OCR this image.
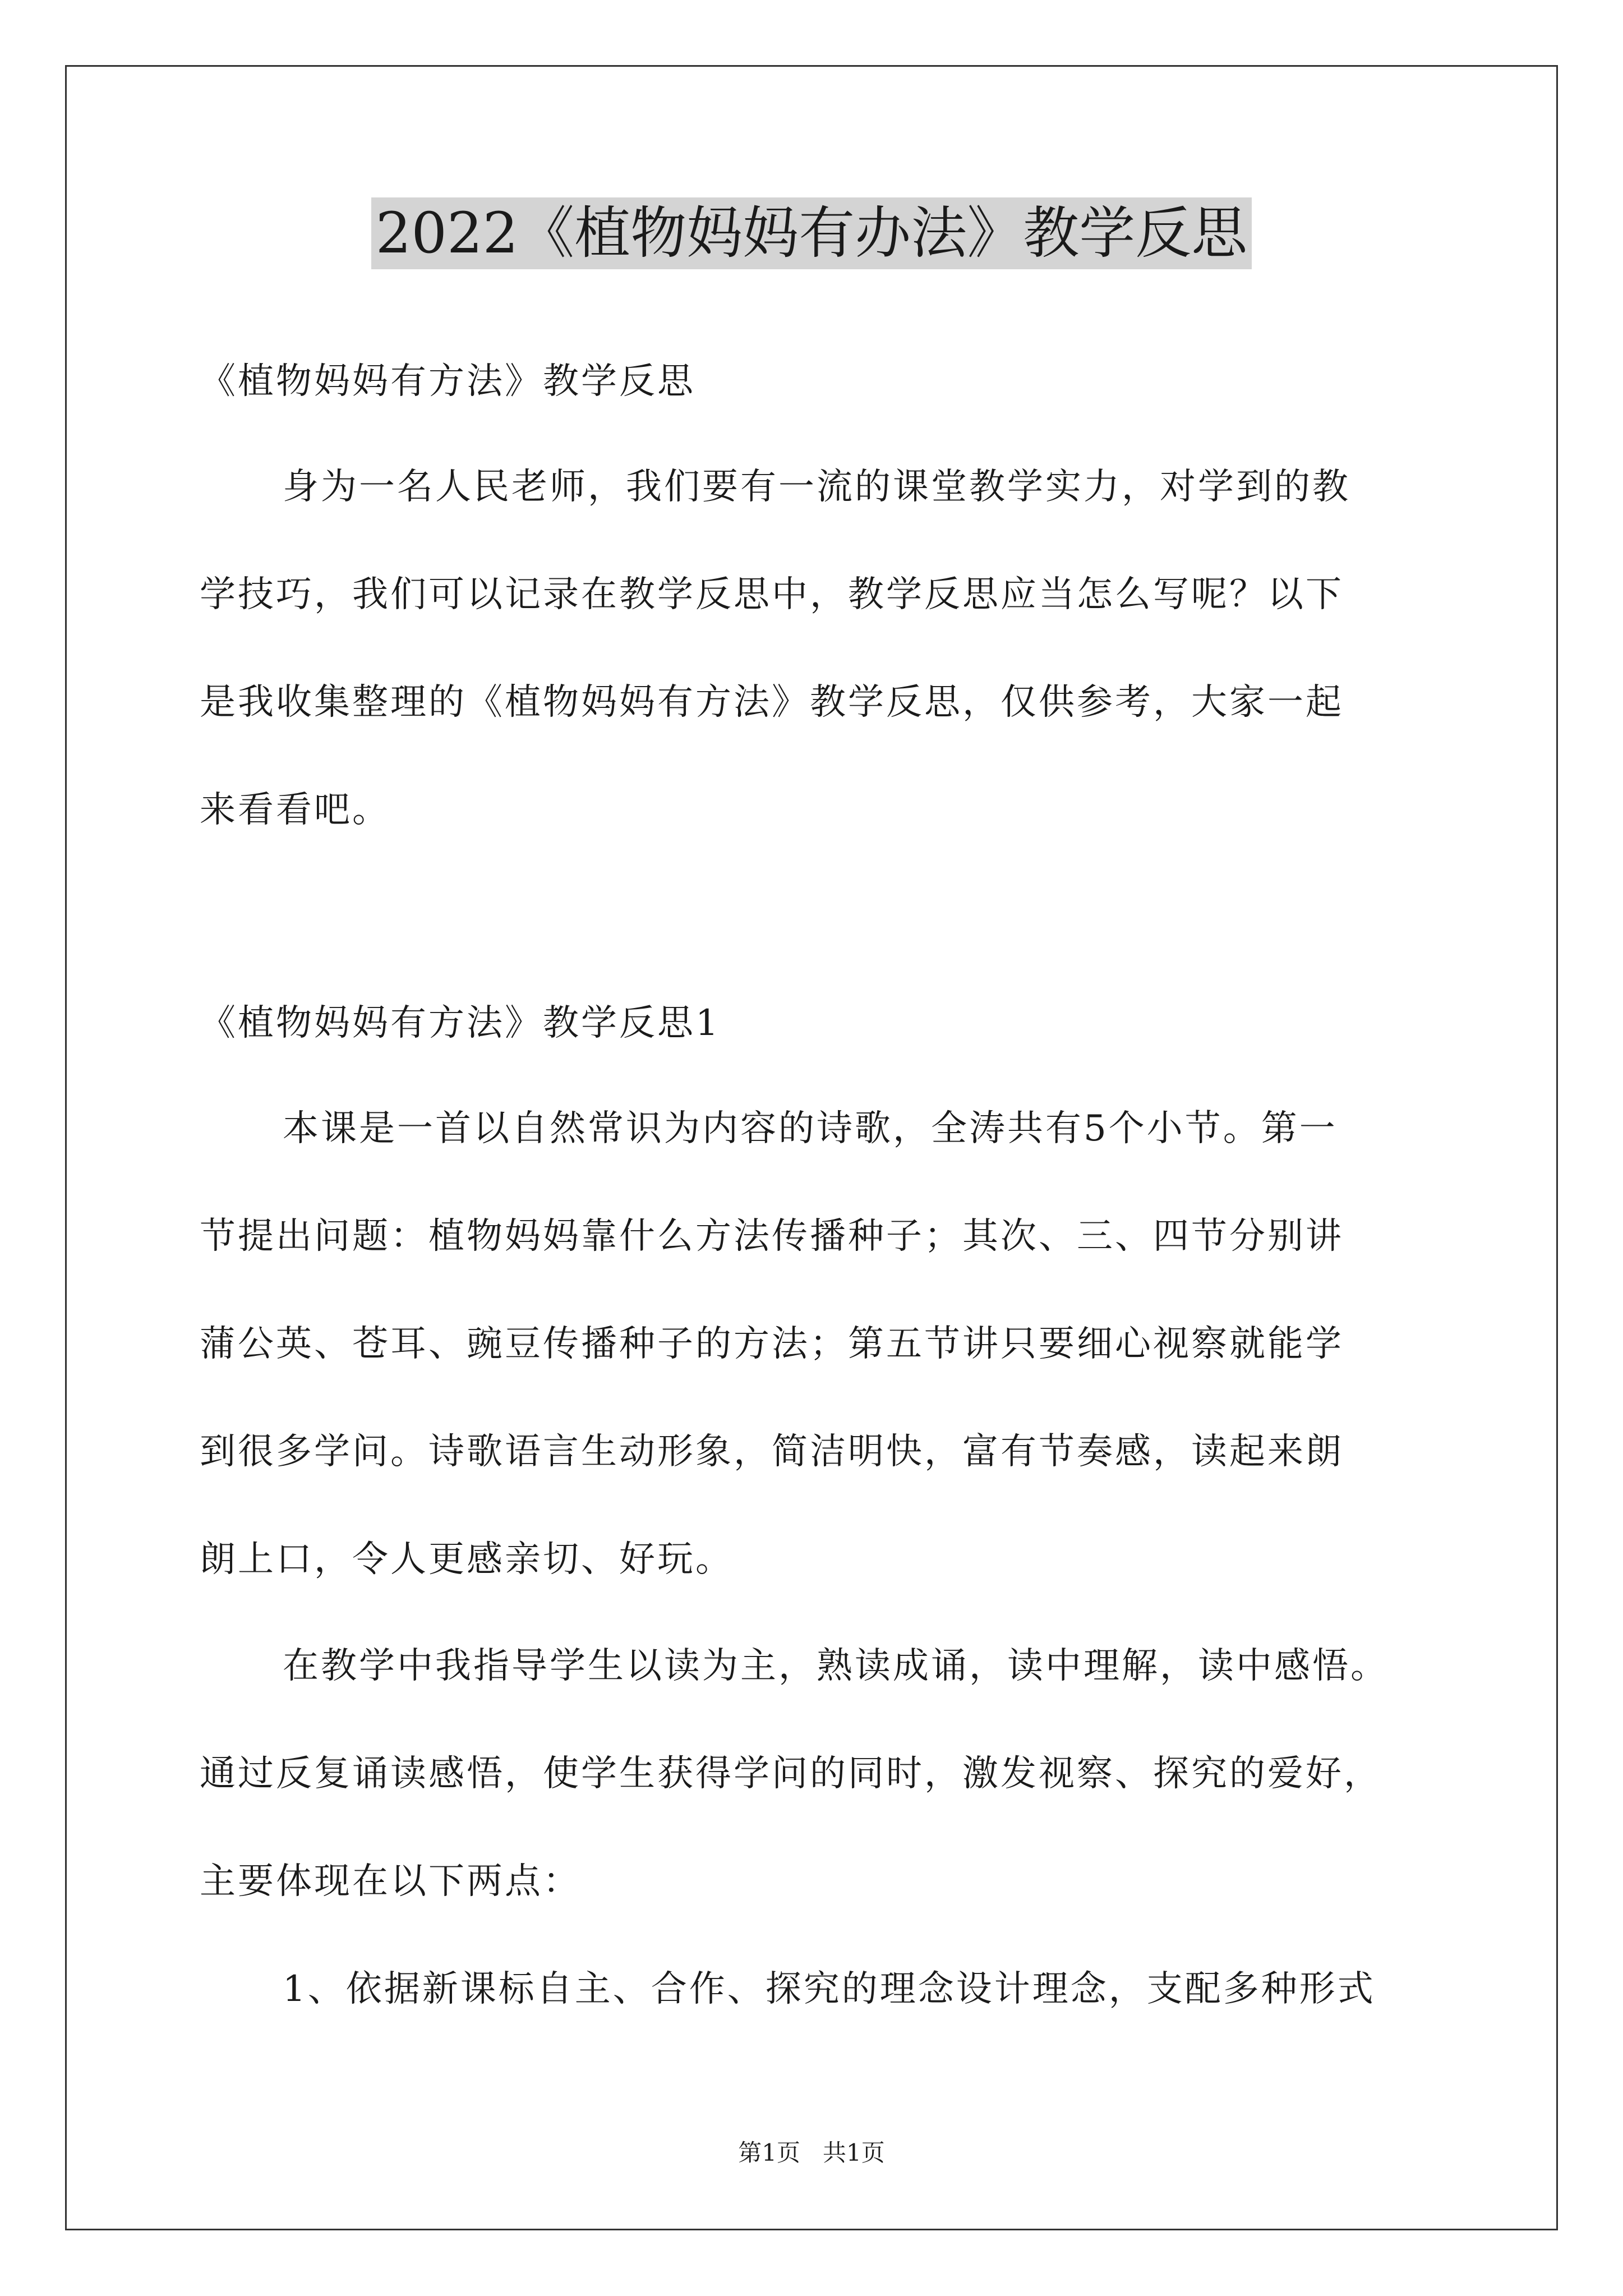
2022《植物妈妈有办法》教学反思
《植物妈妈有方法》教学反思
身为一名人民老师，我们要有一流的课堂教学实力，对学到的教
学技巧，我们可以记录在教学反思中，教学反思应当怎么写呢？以下
是我收集整理的《植物妈妈有方法》教学反思，仅供参考，大家一起
来看看吧。
《植物妈妈有方法》教学反思1
本课是一首以自然常识为内容的诗歌，全涛共有5个小节。第一
节提出问题：植物妈妈靠什么方法传播种子；其次、三、四节分别讲
蒲公英、苍耳、豌豆传播种子的方法；第五节讲只要细心视察就能学
到很多学问。诗歌语言生动形象，简洁明快，富有节奏感，读起来朗
朗上口，令人更感亲切、好玩。
在教学中我指导学生以读为主，熟读成诵，读中理解，读中感悟。
通过反复诵读感悟，使学生获得学问的同时，激发视察、探究的爱好，
主要体现在以下两点：
1、依据新课标自主、合作、探究的理念设计理念，支配多种形式
第1页 共1页
